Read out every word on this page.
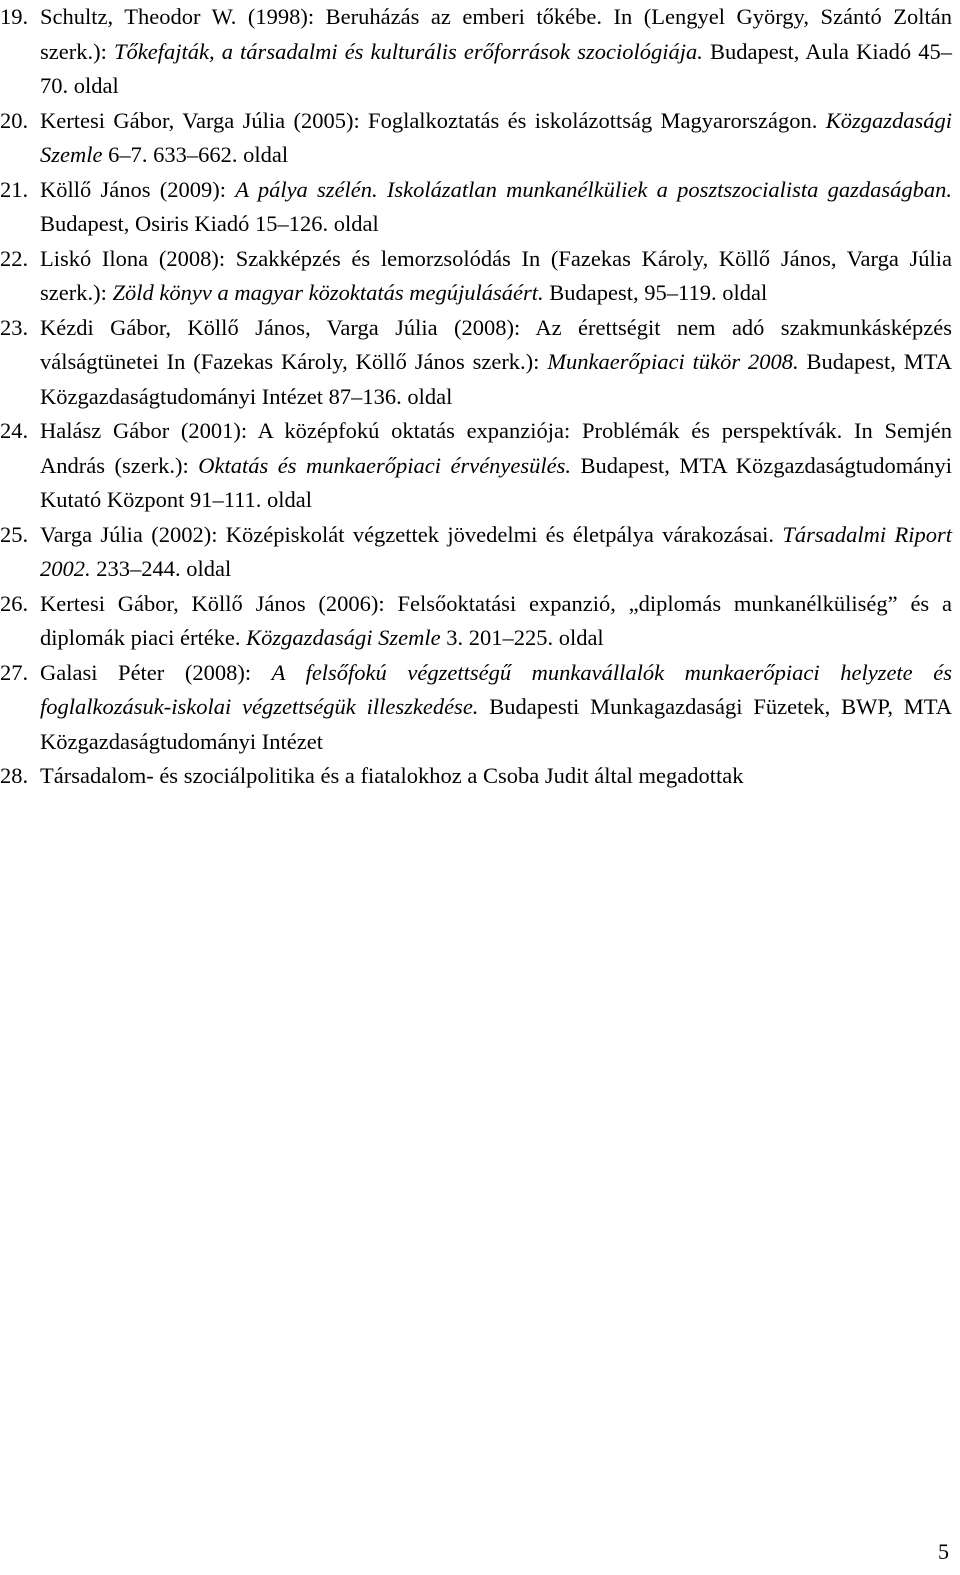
19. Schultz, Theodor W. (1998): Beruházás az emberi tőkébe. In (Lengyel György, Szántó Zoltán szerk.): Tőkefajták, a társadalmi és kulturális erőforrások szociológiája. Budapest, Aula Kiadó 45–70. oldal
20. Kertesi Gábor, Varga Júlia (2005): Foglalkoztatás és iskolázottság Magyarországon. Közgazdasági Szemle 6–7. 633–662. oldal
21. Köllő János (2009): A pálya szélén. Iskolázatlan munkanélküliek a posztszocialista gazdaságban. Budapest, Osiris Kiadó 15–126. oldal
22. Liskó Ilona (2008): Szakképzés és lemorzsolódás In (Fazekas Károly, Köllő János, Varga Júlia szerk.): Zöld könyv a magyar közoktatás megújulásáért. Budapest, 95–119. oldal
23. Kézdi Gábor, Köllő János, Varga Júlia (2008): Az érettségit nem adó szakmunkásképzés válságtünetei In (Fazekas Károly, Köllő János szerk.): Munkaerőpiaci tükör 2008. Budapest, MTA Közgazdaságtudományi Intézet 87–136. oldal
24. Halász Gábor (2001): A középfokú oktatás expanziója: Problémák és perspektívák. In Semjén András (szerk.): Oktatás és munkaerőpiaci érvényesülés. Budapest, MTA Közgazdaságtudományi Kutató Központ 91–111. oldal
25. Varga Júlia (2002): Középiskolát végzettek jövedelmi és életpálya várakozásai. Társadalmi Riport 2002. 233–244. oldal
26. Kertesi Gábor, Köllő János (2006): Felsőoktatási expanzió, „diplomás munkanélküliség” és a diplomák piaci értéke. Közgazdasági Szemle 3. 201–225. oldal
27. Galasi Péter (2008): A felsőfokú végzettségű munkavállalók munkaerőpiaci helyzete és foglalkozásuk-iskolai végzettségük illeszkedése. Budapesti Munkagazdasági Füzetek, BWP, MTA Közgazdaságtudományi Intézet
28. Társadalom- és szociálpolitika és a fiatalokhoz a Csoba Judit által megadottak
5
